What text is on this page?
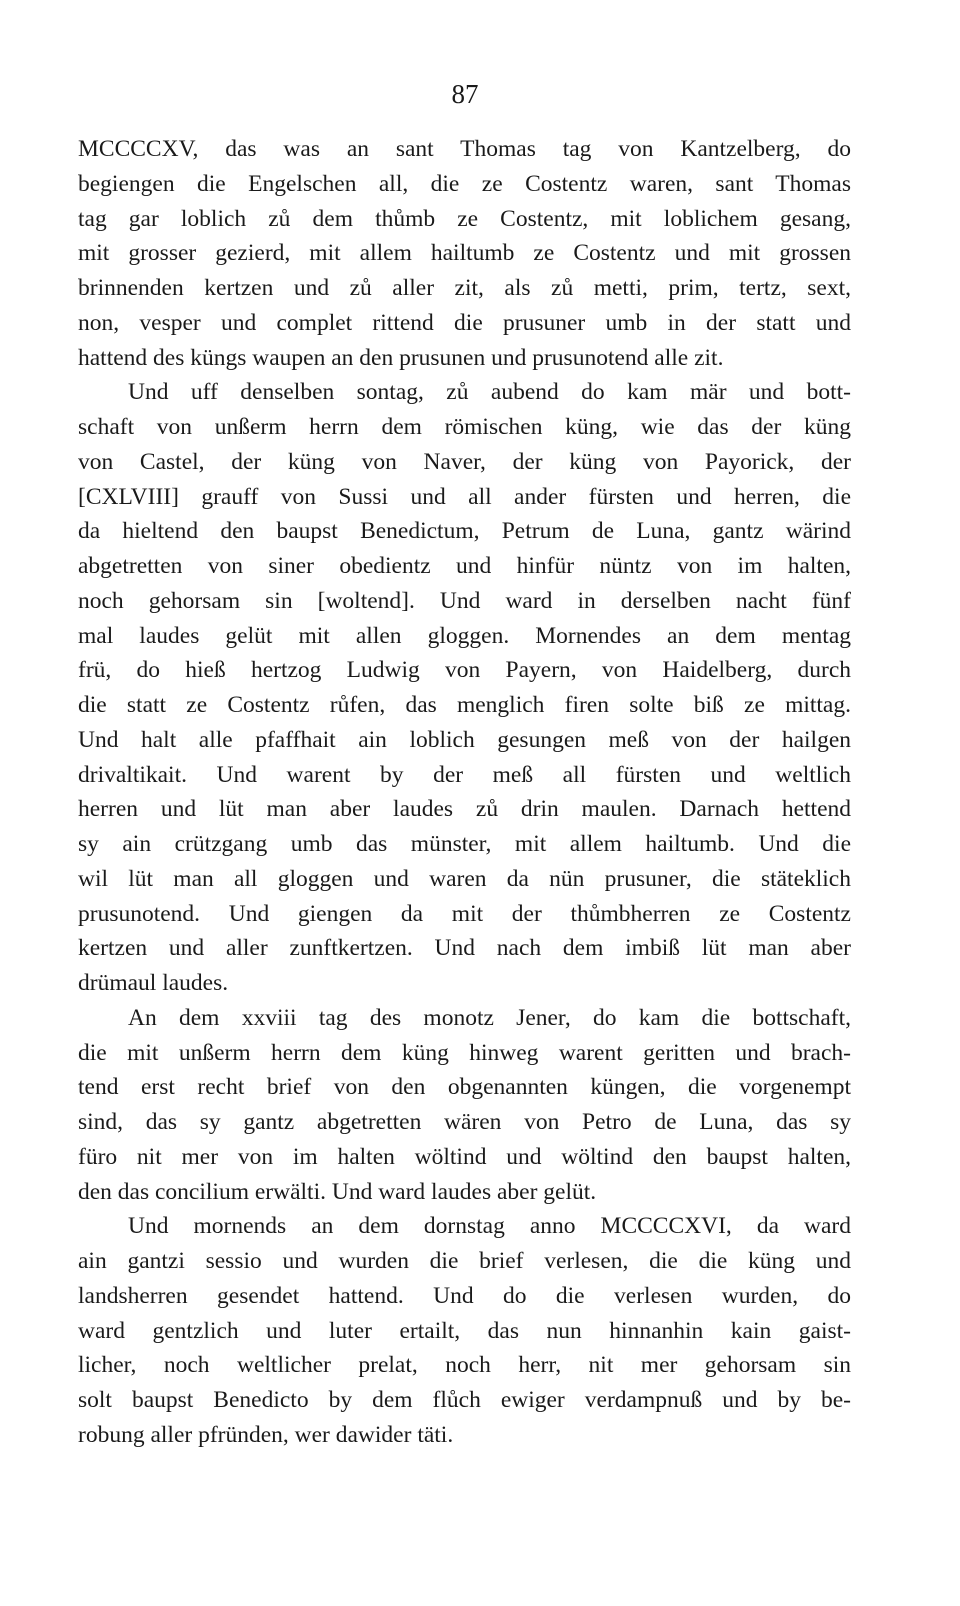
87
MCCCCXV, das was an sant Thomas tag von Kantzelberg, do
begiengen die Engelschen all, die ze Costentz waren, sant Thomas
tag gar loblich zů dem thůmb ze Costentz, mit loblichem gesang,
mit grosser gezierd, mit allem hailtumb ze Costentz und mit grossen
brinnenden kertzen und zů aller zit, als zů metti, prim, tertz, sext,
non, vesper und complet rittend die prusuner umb in der statt und
hattend des küngs waupen an den prusunen und prusunotend alle zit.
Und uff denselben sontag, zů aubend do kam mär und bott-
schaft von unßerm herrn dem römischen küng, wie das der küng
von Castel, der küng von Naver, der küng von Payorick, der
[CXLVIII] grauff von Sussi und all ander fürsten und herren, die
da hieltend den baupst Benedictum, Petrum de Luna, gantz wärind
abgetretten von siner obedientz und hinfür nüntz von im halten,
noch gehorsam sin [woltend]. Und ward in derselben nacht fünf
mal laudes gelüt mit allen gloggen. Mornendes an dem mentag
frü, do hieß hertzog Ludwig von Payern, von Haidelberg, durch
die statt ze Costentz růfen, das menglich firen solte biß ze mittag.
Und halt alle pfaffhait ain loblich gesungen meß von der hailgen
drivaltikait. Und warent by der meß all fürsten und weltlich
herren und lüt man aber laudes zů drin maulen. Darnach hettend
sy ain crützgang umb das münster, mit allem hailtumb. Und die
wil lüt man all gloggen und waren da nün prusuner, die stäteklich
prusunotend. Und giengen da mit der thůmbherren ze Costentz
kertzen und aller zunftkertzen. Und nach dem imbiß lüt man aber
drümaul laudes.
An dem xxviii tag des monotz Jener, do kam die bottschaft,
die mit unßerm herrn dem küng hinweg warent geritten und brach-
tend erst recht brief von den obgenannten küngen, die vorgenempt
sind, das sy gantz abgetretten wären von Petro de Luna, das sy
füro nit mer von im halten wöltind und wöltind den baupst halten,
den das concilium erwälti. Und ward laudes aber gelüt.
Und mornends an dem dornstag anno MCCCCXVI, da ward
ain gantzi sessio und wurden die brief verlesen, die die küng und
landsherren gesendet hattend. Und do die verlesen wurden, do
ward gentzlich und luter ertailt, das nun hinnanhin kain gaist-
licher, noch weltlicher prelat, noch herr, nit mer gehorsam sin
solt baupst Benedicto by dem flůch ewiger verdampnuß und by be-
robung aller pfründen, wer dawider täti.
